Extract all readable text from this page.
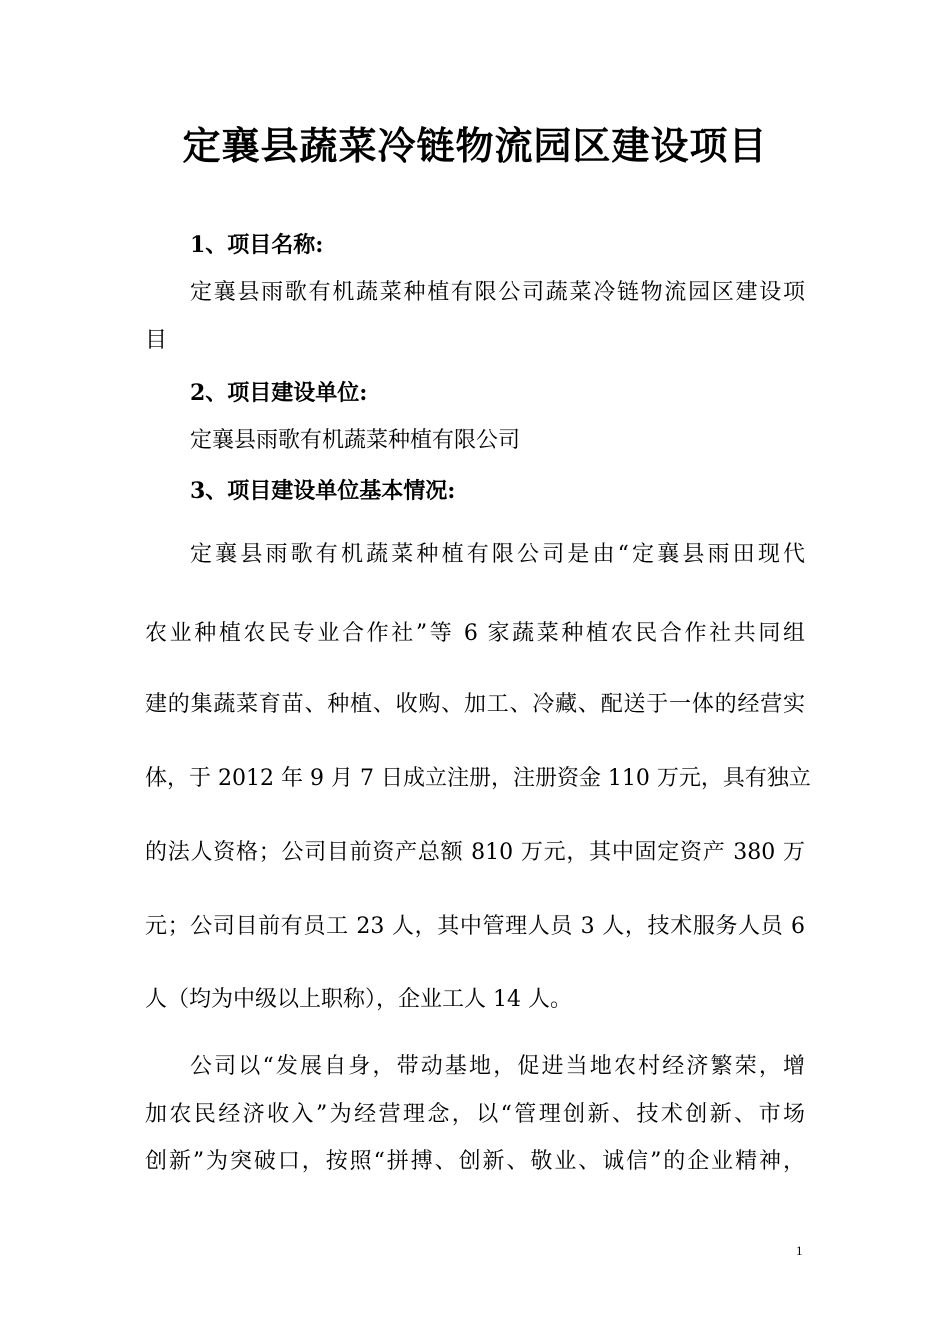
定襄县蔬菜冷链物流园区建设项目
1、项目名称:
定襄县雨歌有机蔬菜种植有限公司蔬菜冷链物流园区建设项
目
2、项目建设单位:
定襄县雨歌有机蔬菜种植有限公司
3、项目建设单位基本情况:
定襄县雨歌有机蔬菜种植有限公司是由“定襄县雨田现代
农业种植农民专业合作社”等 6 家蔬菜种植农民合作社共同组
建的集蔬菜育苗、种植、收购、加工、冷藏、配送于一体的经营实
体，于 2012 年 9 月 7 日成立注册，注册资金 110 万元，具有独立
的法人资格；公司目前资产总额 810 万元，其中固定资产 380 万
元；公司目前有员工 23 人，其中管理人员 3 人，技术服务人员 6
人（均为中级以上职称），企业工人 14 人。
公司以“发展自身，带动基地，促进当地农村经济繁荣，增
加农民经济收入”为经营理念，以“管理创新、技术创新、市场
创新”为突破口，按照“拼搏、创新、敬业、诚信”的企业精神，
1
